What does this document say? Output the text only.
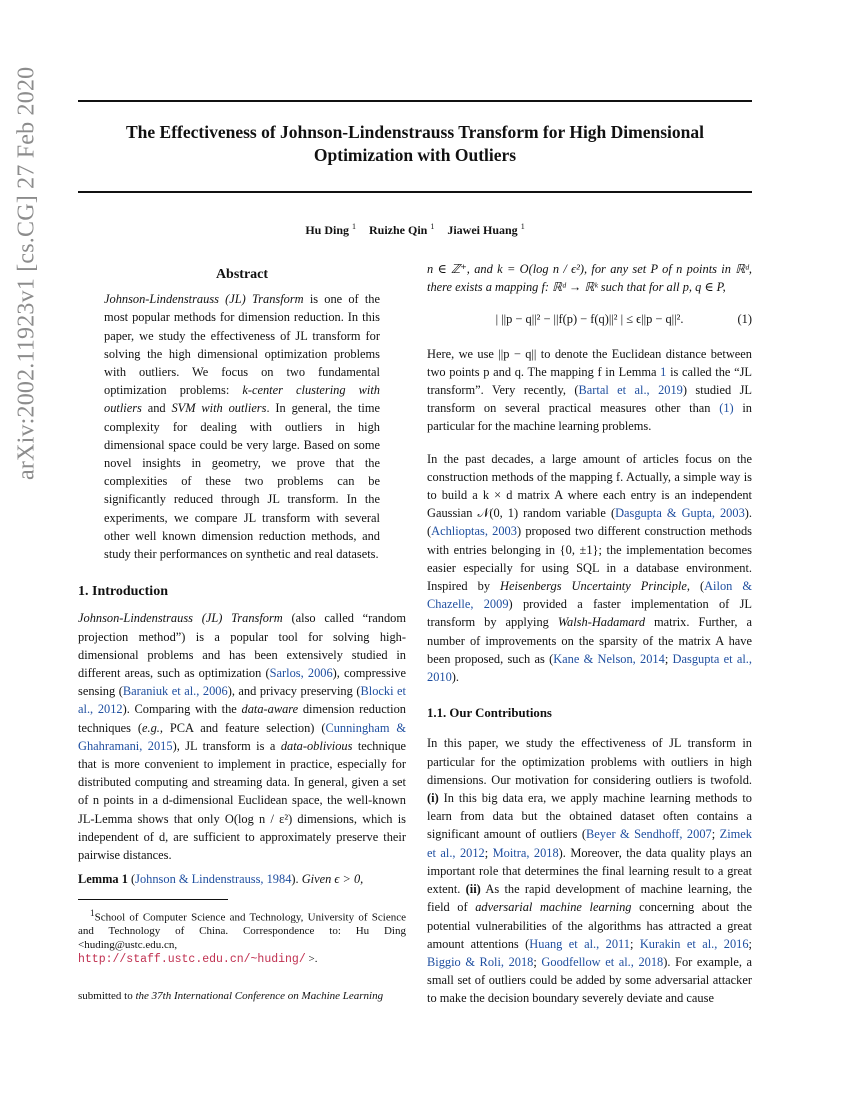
The Effectiveness of Johnson-Lindenstrauss Transform for High Dimensional Optimization with Outliers
Hu Ding $^1$ Ruizhe Qin $^1$ Jiawei Huang $^1$
arXiv:2002.11923v1 [cs.CG] 27 Feb 2020	Abstract

Johnson-Lindenstrauss (JL) Transform is one of the most popular methods for dimension reduction. In this paper, we study the effectiveness of JL transform for solving the high dimensional optimization problems with outliers. We focus on two fundamental optimization problems: k-center clustering with outliers and SVM with outliers. In general, the time complexity for dealing with outliers in high dimensional space could be very large. Based on some novel insights in geometry, we prove that the complexities of these two problems can be significantly reduced through JL transform. In the experiments, we compare JL transform with several other well known dimension reduction methods, and study their performances on synthetic and real datasets.

1. Introduction

Johnson-Lindenstrauss (JL) Transform (also called “random projection method”) is a popular tool for solving high-dimensional problems and has been extensively studied in different areas, such as optimization (Sarlos, 2006), compressive sensing (Baraniuk et al., 2006), and privacy preserving (Blocki et al., 2012). Comparing with the data-aware dimension reduction techniques (e.g., PCA and feature selection) (Cunningham & Ghahramani, 2015), JL transform is a data-oblivious technique that is more convenient to implement in practice, especially for distributed computing and streaming data. In general, given a set of n points in a d-dimensional Euclidean space, the well-known JL-Lemma shows that only O(log n / ε²) dimensions, which is independent of d, are sufficient to approximately preserve their pairwise distances.

Lemma 1 (Johnson & Lindenstrauss, 1984). Given ϵ > 0,

$^1$School of Computer Science and Technology, University of Science and Technology of China. Correspondence to: Hu Ding <huding@ustc.edu.cn, http://staff.ustc.edu.cn/~huding/ >.

submitted to the 37th International Conference on Machine Learning

n ∈ ℤ⁺, and k = O(log n / ϵ²), for any set P of n points in ℝᵈ, there exists a mapping f: ℝᵈ → ℝᵏ such that for all p, q ∈ P,

| ||p − q||² − ||f(p) − f(q)||² | ≤ ϵ||p − q||².	(1)

Here, we use ||p − q|| to denote the Euclidean distance between two points p and q. The mapping f in Lemma 1 is called the “JL transform”. Very recently, (Bartal et al., 2019) studied JL transform on several practical measures other than (1) in particular for the machine learning problems.

In the past decades, a large amount of articles focus on the construction methods of the mapping f. Actually, a simple way is to build a k × d matrix A where each entry is an independent Gaussian 𝒩(0, 1) random variable (Dasgupta & Gupta, 2003). (Achlioptas, 2003) proposed two different construction methods with entries belonging in {0, ±1}; the implementation becomes easier especially for using SQL in a database environment. Inspired by Heisenbergs Uncertainty Principle, (Ailon & Chazelle, 2009) provided a faster implementation of JL transform by applying Walsh-Hadamard matrix. Further, a number of improvements on the sparsity of the matrix A have been proposed, such as (Kane & Nelson, 2014; Dasgupta et al., 2010).

1.1. Our Contributions

In this paper, we study the effectiveness of JL transform in particular for the optimization problems with outliers in high dimensions. Our motivation for considering outliers is twofold. (i) In this big data era, we apply machine learning methods to learn from data but the obtained dataset often contains a significant amount of outliers (Beyer & Sendhoff, 2007; Zimek et al., 2012; Moitra, 2018). Moreover, the data quality plays an important role that determines the final learning result to a great extent. (ii) As the rapid development of machine learning, the field of adversarial machine learning concerning about the potential vulnerabilities of the algorithms has attracted a great amount attentions (Huang et al., 2011; Kurakin et al., 2016; Biggio & Roli, 2018; Goodfellow et al., 2018). For example, a small set of outliers could be added by some adversarial attacker to make the decision boundary severely deviate and cause
